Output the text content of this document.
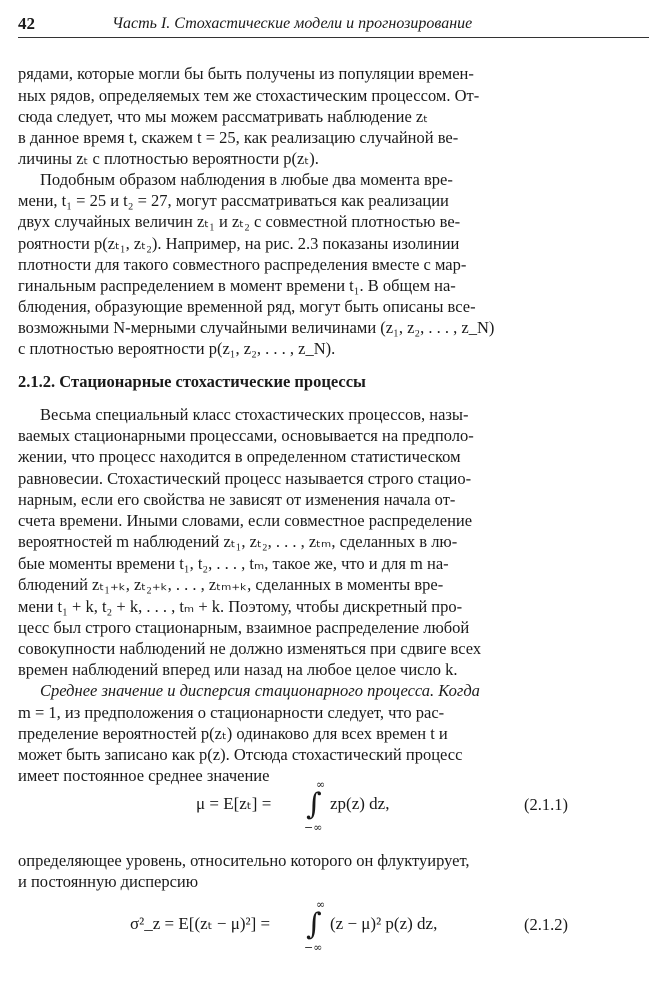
42	Часть I. Стохастические модели и прогнозирование
рядами, которые могли бы быть получены из популяции времен-
ных рядов, определяемых тем же стохастическим процессом. От-
сюда следует, что мы можем рассматривать наблюдение zₜ
в данное время t, скажем t = 25, как реализацию случайной ве-
личины zₜ с плотностью вероятности p(zₜ).
Подобным образом наблюдения в любые два момента вре-
мени, t₁ = 25 и t₂ = 27, могут рассматриваться как реализации
двух случайных величин zₜ₁ и zₜ₂ с совместной плотностью ве-
роятности p(zₜ₁, zₜ₂). Например, на рис. 2.3 показаны изолинии
плотности для такого совместного распределения вместе с мар-
гинальным распределением в момент времени t₁. В общем на-
блюдения, образующие временной ряд, могут быть описаны все-
возможными N-мерными случайными величинами (z₁, z₂, . . . , z_N)
с плотностью вероятности p(z₁, z₂, . . . , z_N).
2.1.2. Стационарные стохастические процессы
Весьма специальный класс стохастических процессов, назы-
ваемых стационарными процессами, основывается на предполо-
жении, что процесс находится в определенном статистическом
равновесии. Стохастический процесс называется строго стацио-
нарным, если его свойства не зависят от изменения начала от-
счета времени. Иными словами, если совместное распределение
вероятностей m наблюдений zₜ₁, zₜ₂, . . . , zₜₘ, сделанных в лю-
бые моменты времени t₁, t₂, . . . , tₘ, такое же, что и для m на-
блюдений zₜ₁₊ₖ, zₜ₂₊ₖ, . . . , zₜₘ₊ₖ, сделанных в моменты вре-
мени t₁ + k, t₂ + k, . . . , tₘ + k. Поэтому, чтобы дискретный про-
цесс был строго стационарным, взаимное распределение любой
совокупности наблюдений не должно изменяться при сдвиге всех
времен наблюдений вперед или назад на любое целое число k.
Среднее значение и дисперсия стационарного процесса. Когда
m = 1, из предположения о стационарности следует, что рас-
пределение вероятностей p(zₜ) одинаково для всех времен t и
может быть записано как p(z). Отсюда стохастический процесс
имеет постоянное среднее значение
μ = E[zₜ] =
∞
∫
−∞
zp(z) dz,	(2.1.1)
определяющее уровень, относительно которого он флуктуирует,
и постоянную дисперсию
σ²_z = E[(zₜ − μ)²] =
∞
∫
−∞
(z − μ)² p(z) dz,	(2.1.2)
